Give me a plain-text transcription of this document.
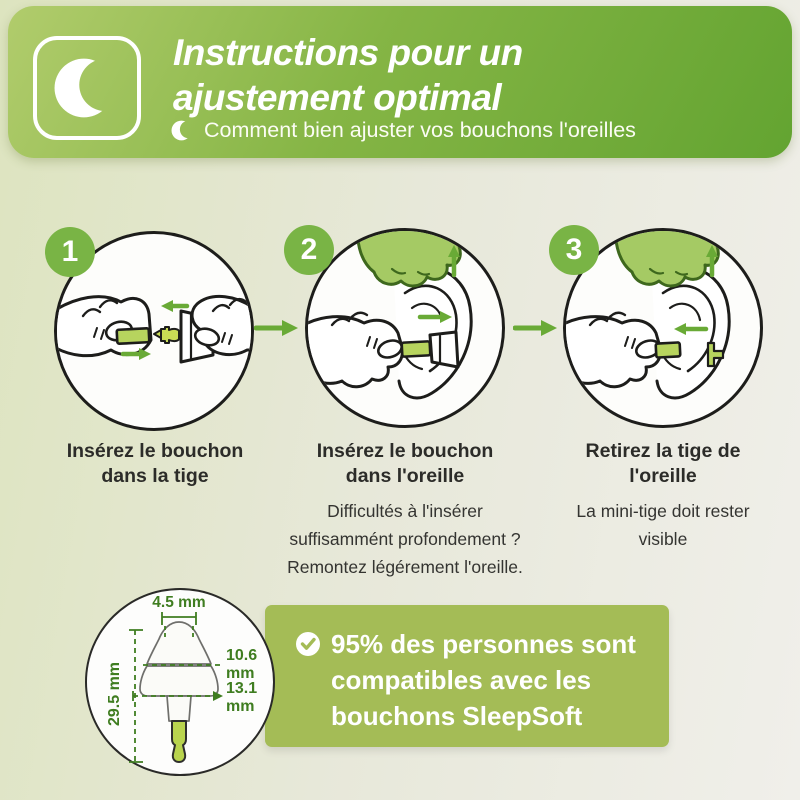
Instructions pour un
ajustement optimal
Comment bien ajuster vos bouchons l'oreilles
1	2	3
Insérez le bouchon
dans la tige
Insérez le bouchon
dans l'oreille
Difficultés à l'insérer
suffisammént profondement ?
Remontez légérement l'oreille.
Retirez la tige de
l'oreille
La mini-tige doit rester
visible
95% des personnes sont
compatibles avec les
bouchons SleepSoft
4.5 mm
29.5 mm
10.6
mm
13.1
mm
